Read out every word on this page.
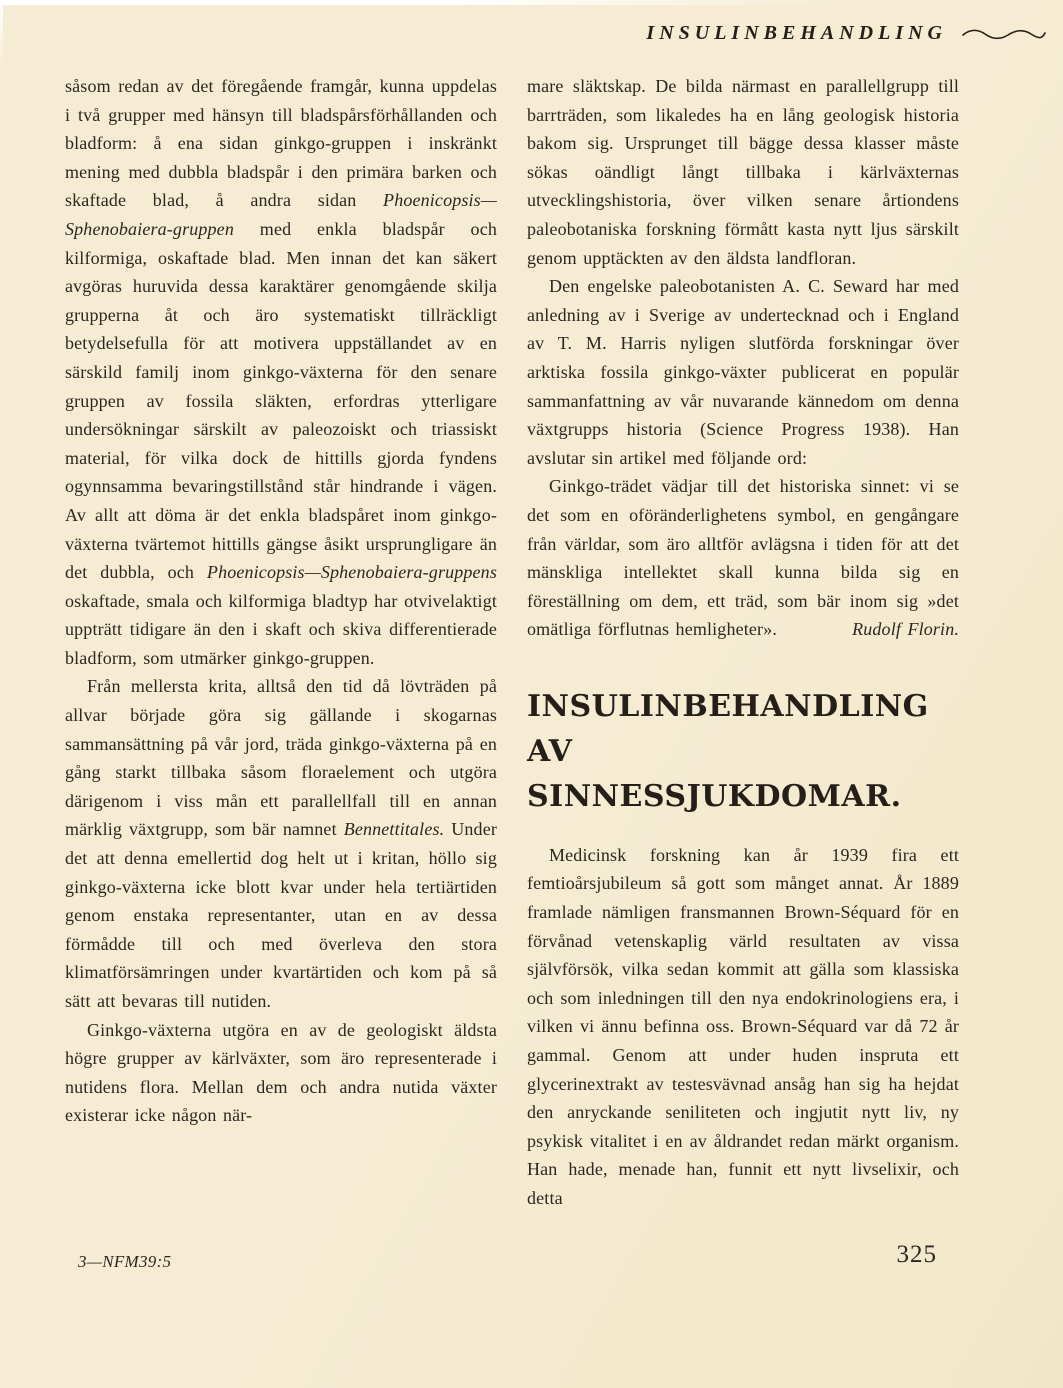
INSULINBEHANDLING

såsom redan av det föregående framgår, kunna uppdelas i två grupper med hänsyn till bladspårsförhållanden och bladform: å ena sidan ginkgo-gruppen i inskränkt mening med dubbla bladspår i den primära barken och skaftade blad, å andra sidan Phoenicopsis—Sphenobaiera-gruppen med enkla bladspår och kilformiga, oskaftade blad. Men innan det kan säkert avgöras huruvida dessa karaktärer genomgående skilja grupperna åt och äro systematiskt tillräckligt betydelsefulla för att motivera uppställandet av en särskild familj inom ginkgo-växterna för den senare gruppen av fossila släkten, erfordras ytterligare undersökningar särskilt av paleozoiskt och triassiskt material, för vilka dock de hittills gjorda fyndens ogynnsamma bevaringstillstånd står hindrande i vägen. Av allt att döma är det enkla bladspåret inom ginkgo-växterna tvärtemot hittills gängse åsikt ursprungligare än det dubbla, och Phoenicopsis—Sphenobaiera-gruppens oskaftade, smala och kilformiga bladtyp har otvivelaktigt uppträtt tidigare än den i skaft och skiva differentierade bladform, som utmärker ginkgo-gruppen.

Från mellersta krita, alltså den tid då lövträden på allvar började göra sig gällande i skogarnas sammansättning på vår jord, träda ginkgo-växterna på en gång starkt tillbaka såsom floraelement och utgöra därigenom i viss mån ett parallellfall till en annan märklig växtgrupp, som bär namnet Bennettitales. Under det att denna emellertid dog helt ut i kritan, höllo sig ginkgo-växterna icke blott kvar under hela tertiärtiden genom enstaka representanter, utan en av dessa förmådde till och med överleva den stora klimatförsämringen under kvartärtiden och kom på så sätt att bevaras till nutiden.

Ginkgo-växterna utgöra en av de geologiskt äldsta högre grupper av kärlväxter, som äro representerade i nutidens flora. Mellan dem och andra nutida växter existerar icke någon när-

mare släktskap. De bilda närmast en parallellgrupp till barrträden, som likaledes ha en lång geologisk historia bakom sig. Ursprunget till bägge dessa klasser måste sökas oändligt långt tillbaka i kärlväxternas utvecklingshistoria, över vilken senare årtiondens paleobotaniska forskning förmått kasta nytt ljus särskilt genom upptäckten av den äldsta landfloran.

Den engelske paleobotanisten A. C. Seward har med anledning av i Sverige av undertecknad och i England av T. M. Harris nyligen slutförda forskningar över arktiska fossila ginkgo-växter publicerat en populär sammanfattning av vår nuvarande kännedom om denna växtgrupps historia (Science Progress 1938). Han avslutar sin artikel med följande ord:

Ginkgo-trädet vädjar till det historiska sinnet: vi se det som en oföränderlighetens symbol, en gengångare från världar, som äro alltför avlägsna i tiden för att det mänskliga intellektet skall kunna bilda sig en föreställning om dem, ett träd, som bär inom sig »det omätliga förflutnas hemligheter».	Rudolf Florin.

INSULINBEHANDLING AV
SINNESSJUKDOMAR.

Medicinsk forskning kan år 1939 fira ett femtioårsjubileum så gott som månget annat. År 1889 framlade nämligen fransmannen Brown-Séquard för en förvånad vetenskaplig värld resultaten av vissa självförsök, vilka sedan kommit att gälla som klassiska och som inledningen till den nya endokrinologiens era, i vilken vi ännu befinna oss. Brown-Séquard var då 72 år gammal. Genom att under huden inspruta ett glycerinextrakt av testesvävnad ansåg han sig ha hejdat den anryckande seniliteten och ingjutit nytt liv, ny psykisk vitalitet i en av åldrandet redan märkt organism. Han hade, menade han, funnit ett nytt livselixir, och detta

3—NFM39:5	325
